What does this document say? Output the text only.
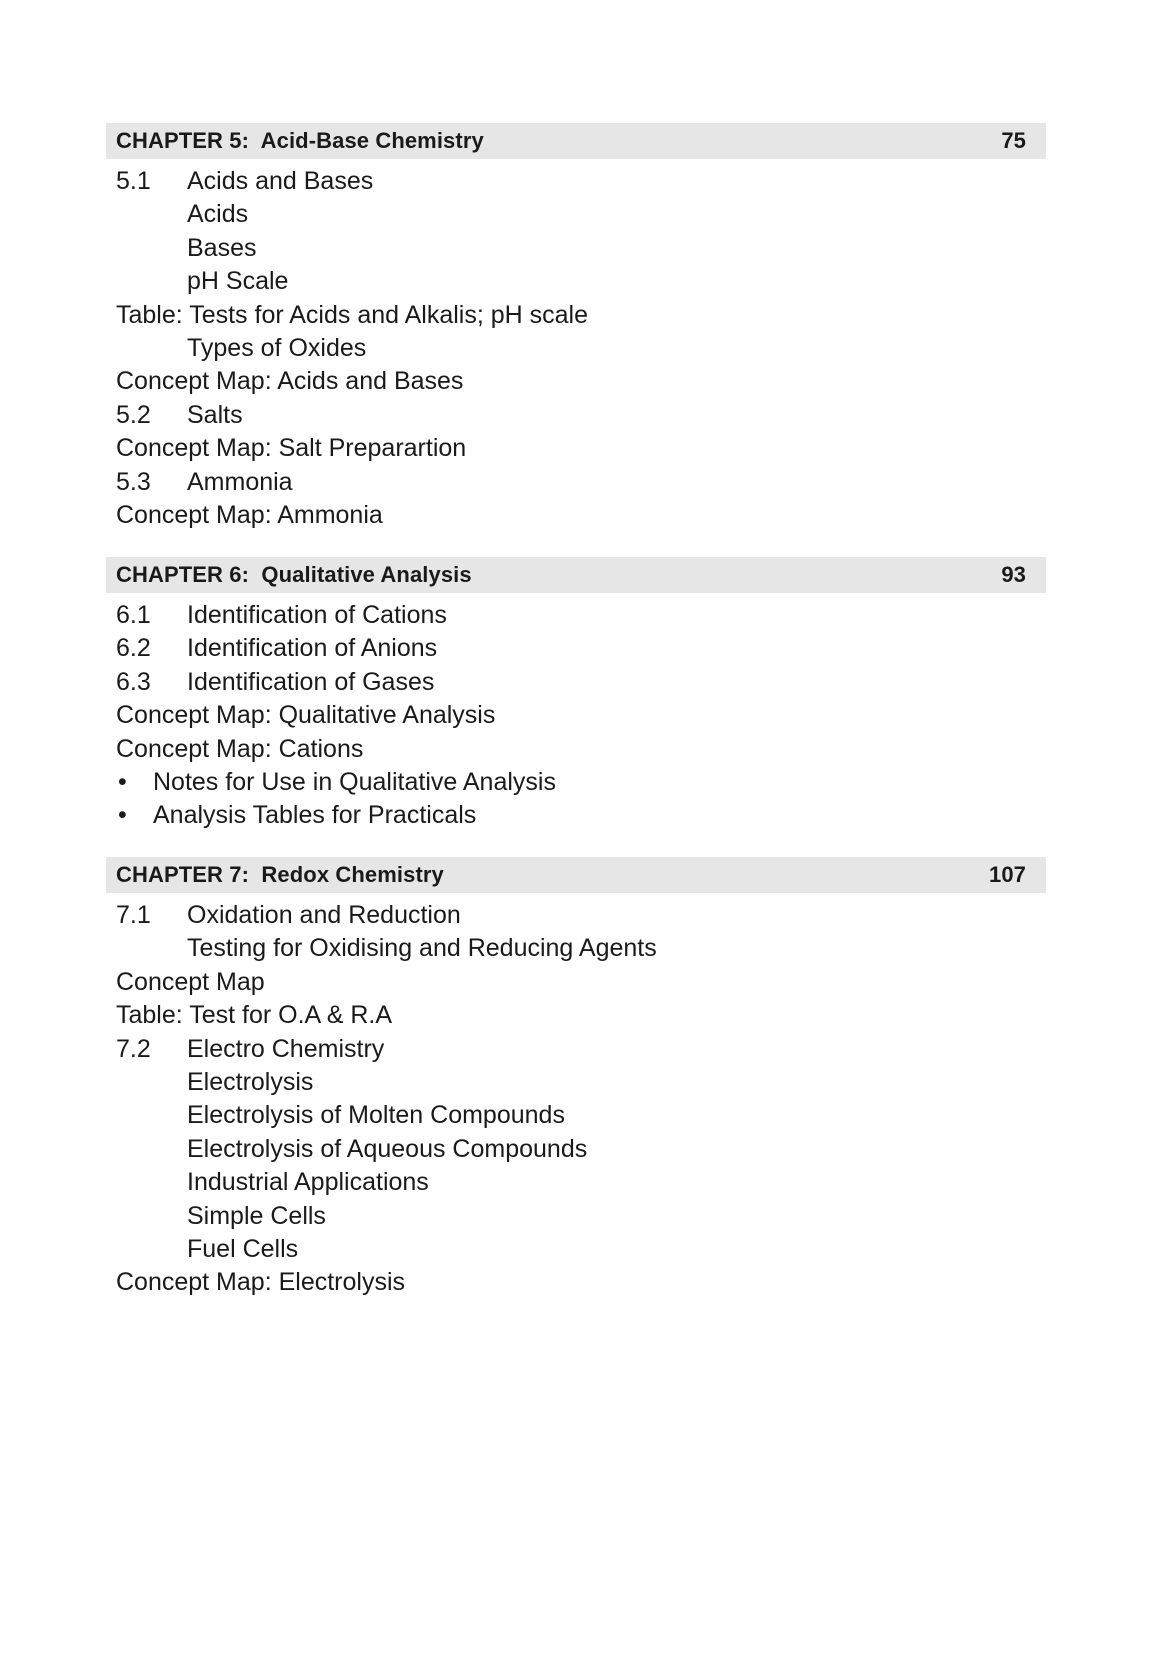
CHAPTER 5:  Acid-Base Chemistry	75
5.1 Acids and Bases
Acids
Bases
pH Scale
Table: Tests for Acids and Alkalis; pH scale
Types of Oxides
Concept Map: Acids and Bases
5.2 Salts
Concept Map: Salt Preparartion
5.3 Ammonia
Concept Map: Ammonia
CHAPTER 6:  Qualitative Analysis	93
6.1 Identification of Cations
6.2 Identification of Anions
6.3 Identification of Gases
Concept Map: Qualitative Analysis
Concept Map: Cations
• Notes for Use in Qualitative Analysis
• Analysis Tables for Practicals
CHAPTER 7:  Redox Chemistry	107
7.1 Oxidation and Reduction
Testing for Oxidising and Reducing Agents
Concept Map
Table: Test for O.A & R.A
7.2 Electro Chemistry
Electrolysis
Electrolysis of Molten Compounds
Electrolysis of Aqueous Compounds
Industrial Applications
Simple Cells
Fuel Cells
Concept Map: Electrolysis
